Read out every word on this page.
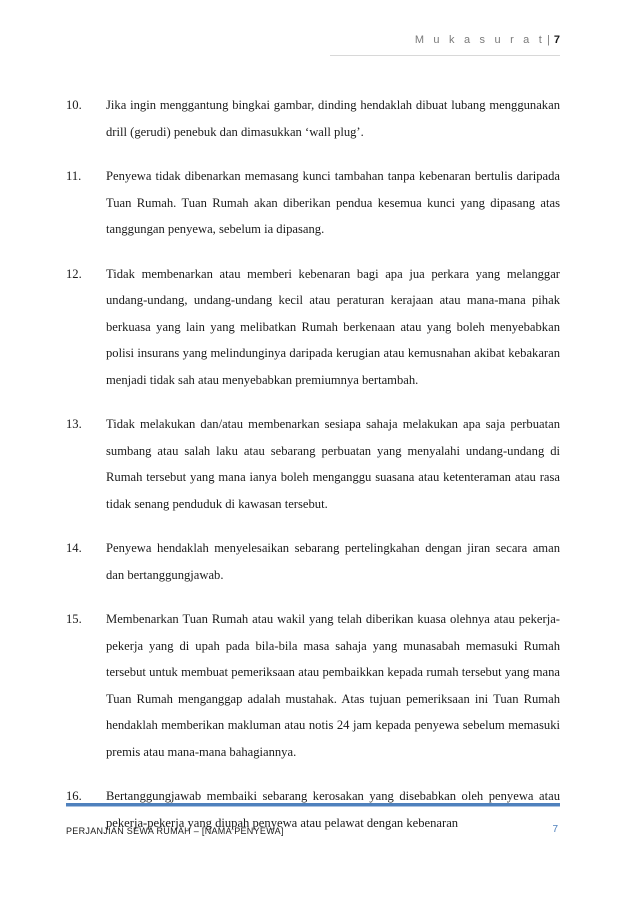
M u k a s u r a t | 7
10.	Jika ingin menggantung bingkai gambar, dinding hendaklah dibuat lubang menggunakan drill (gerudi) penebuk dan dimasukkan ‘wall plug’.
11.	Penyewa tidak dibenarkan memasang kunci tambahan tanpa kebenaran bertulis daripada Tuan Rumah. Tuan Rumah akan diberikan pendua kesemua kunci yang dipasang atas tanggungan penyewa, sebelum ia dipasang.
12.	Tidak membenarkan atau memberi kebenaran bagi apa jua perkara yang melanggar undang-undang, undang-undang kecil atau peraturan kerajaan atau mana-mana pihak berkuasa yang lain yang melibatkan Rumah berkenaan atau yang boleh menyebabkan polisi insurans yang melindunginya daripada kerugian atau kemusnahan akibat kebakaran menjadi tidak sah atau menyebabkan premiumnya bertambah.
13.	Tidak melakukan dan/atau membenarkan sesiapa sahaja melakukan apa saja perbuatan sumbang atau salah laku atau sebarang perbuatan yang menyalahi undang-undang di Rumah tersebut yang mana ianya boleh menganggu suasana atau ketenteraman atau rasa tidak senang penduduk di kawasan tersebut.
14.	Penyewa hendaklah menyelesaikan sebarang pertelingkahan dengan jiran secara aman dan bertanggungjawab.
15.	Membenarkan Tuan Rumah atau wakil yang telah diberikan kuasa olehnya atau pekerja-pekerja yang di upah pada bila-bila masa sahaja yang munasabah memasuki Rumah tersebut untuk membuat pemeriksaan atau pembaikkan kepada rumah tersebut yang mana Tuan Rumah menganggap adalah mustahak. Atas tujuan pemeriksaan ini Tuan Rumah hendaklah memberikan makluman atau notis 24 jam kepada penyewa sebelum memasuki premis atau mana-mana bahagiannya.
16.	Bertanggungjawab membaiki sebarang kerosakan yang disebabkan oleh penyewa atau pekerja-pekerja yang diupah penyewa atau pelawat dengan kebenaran
PERJANJIAN SEWA RUMAH – [NAMA PENYEWA]	7
